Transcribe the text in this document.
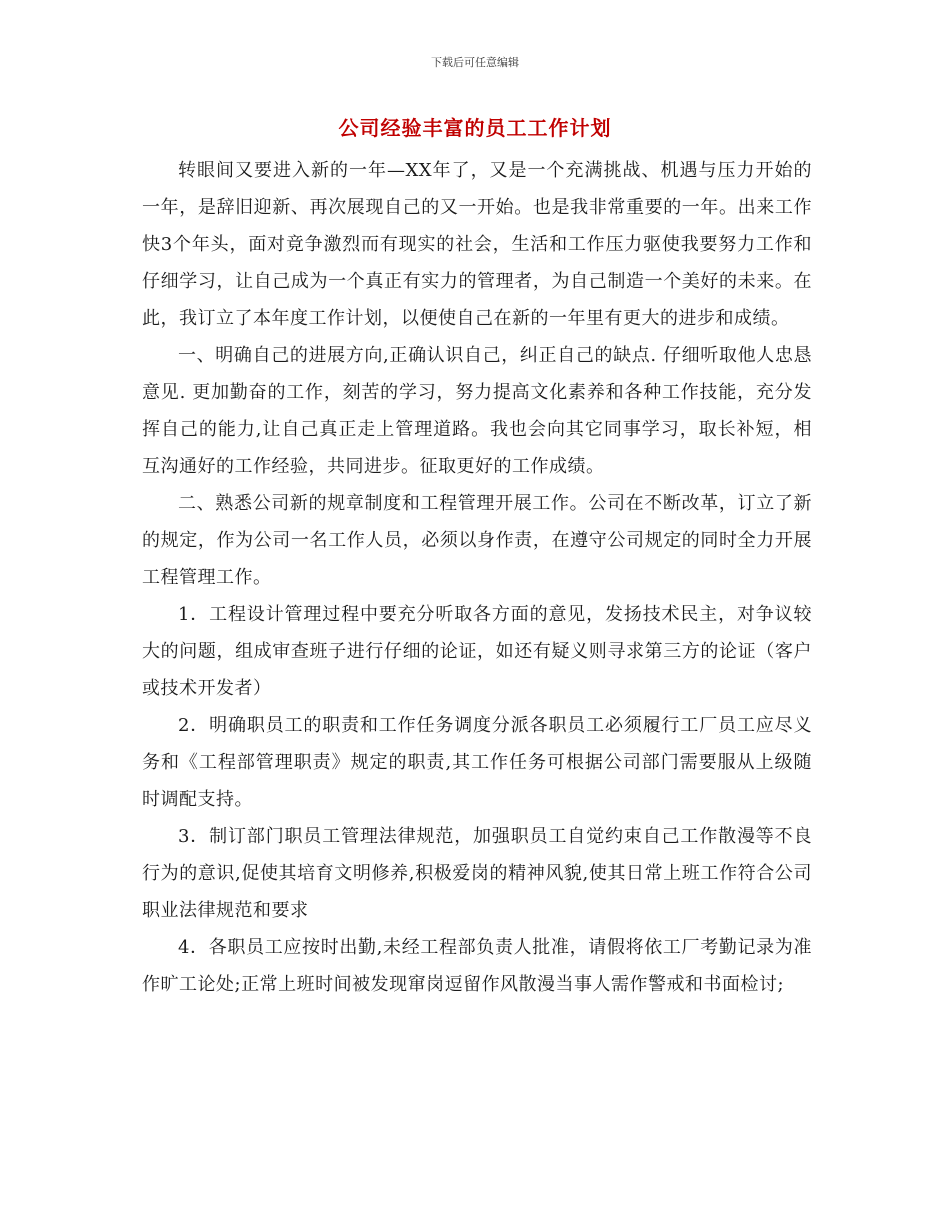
下载后可任意编辑
公司经验丰富的员工工作计划

转眼间又要进入新的一年—XX年了，又是一个充满挑战、机遇与压力开始的一年，是辞旧迎新、再次展现自己的又一开始。也是我非常重要的一年。出来工作快3个年头，面对竟争激烈而有现实的社会，生活和工作压力驱使我要努力工作和仔细学习，让自己成为一个真正有实力的管理者，为自己制造一个美好的未来。在此，我订立了本年度工作计划，以便使自己在新的一年里有更大的进步和成绩。

一、明确自己的进展方向,正确认识自己，纠正自己的缺点. 仔细听取他人忠恳意见. 更加勤奋的工作，刻苦的学习，努力提高文化素养和各种工作技能，充分发挥自己的能力,让自己真正走上管理道路。我也会向其它同事学习，取长补短，相互沟通好的工作经验，共同进步。征取更好的工作成绩。

二、熟悉公司新的规章制度和工程管理开展工作。公司在不断改革，订立了新的规定，作为公司一名工作人员，必须以身作责，在遵守公司规定的同时全力开展工程管理工作。

1．工程设计管理过程中要充分听取各方面的意见，发扬技术民主，对争议较大的问题，组成审查班子进行仔细的论证，如还有疑义则寻求第三方的论证（客户或技术开发者）

2．明确职员工的职责和工作任务调度分派各职员工必须履行工厂员工应尽义务和《工程部管理职责》规定的职责,其工作任务可根据公司部门需要服从上级随时调配支持。

3．制订部门职员工管理法律规范，加强职员工自觉约束自己工作散漫等不良行为的意识,促使其培育文明修养,积极爱岗的精神风貌,使其日常上班工作符合公司职业法律规范和要求

4．各职员工应按时出勤,未经工程部负责人批准，请假将依工厂考勤记录为准作旷工论处;正常上班时间被发现窜岗逗留作风散漫当事人需作警戒和书面检讨;
